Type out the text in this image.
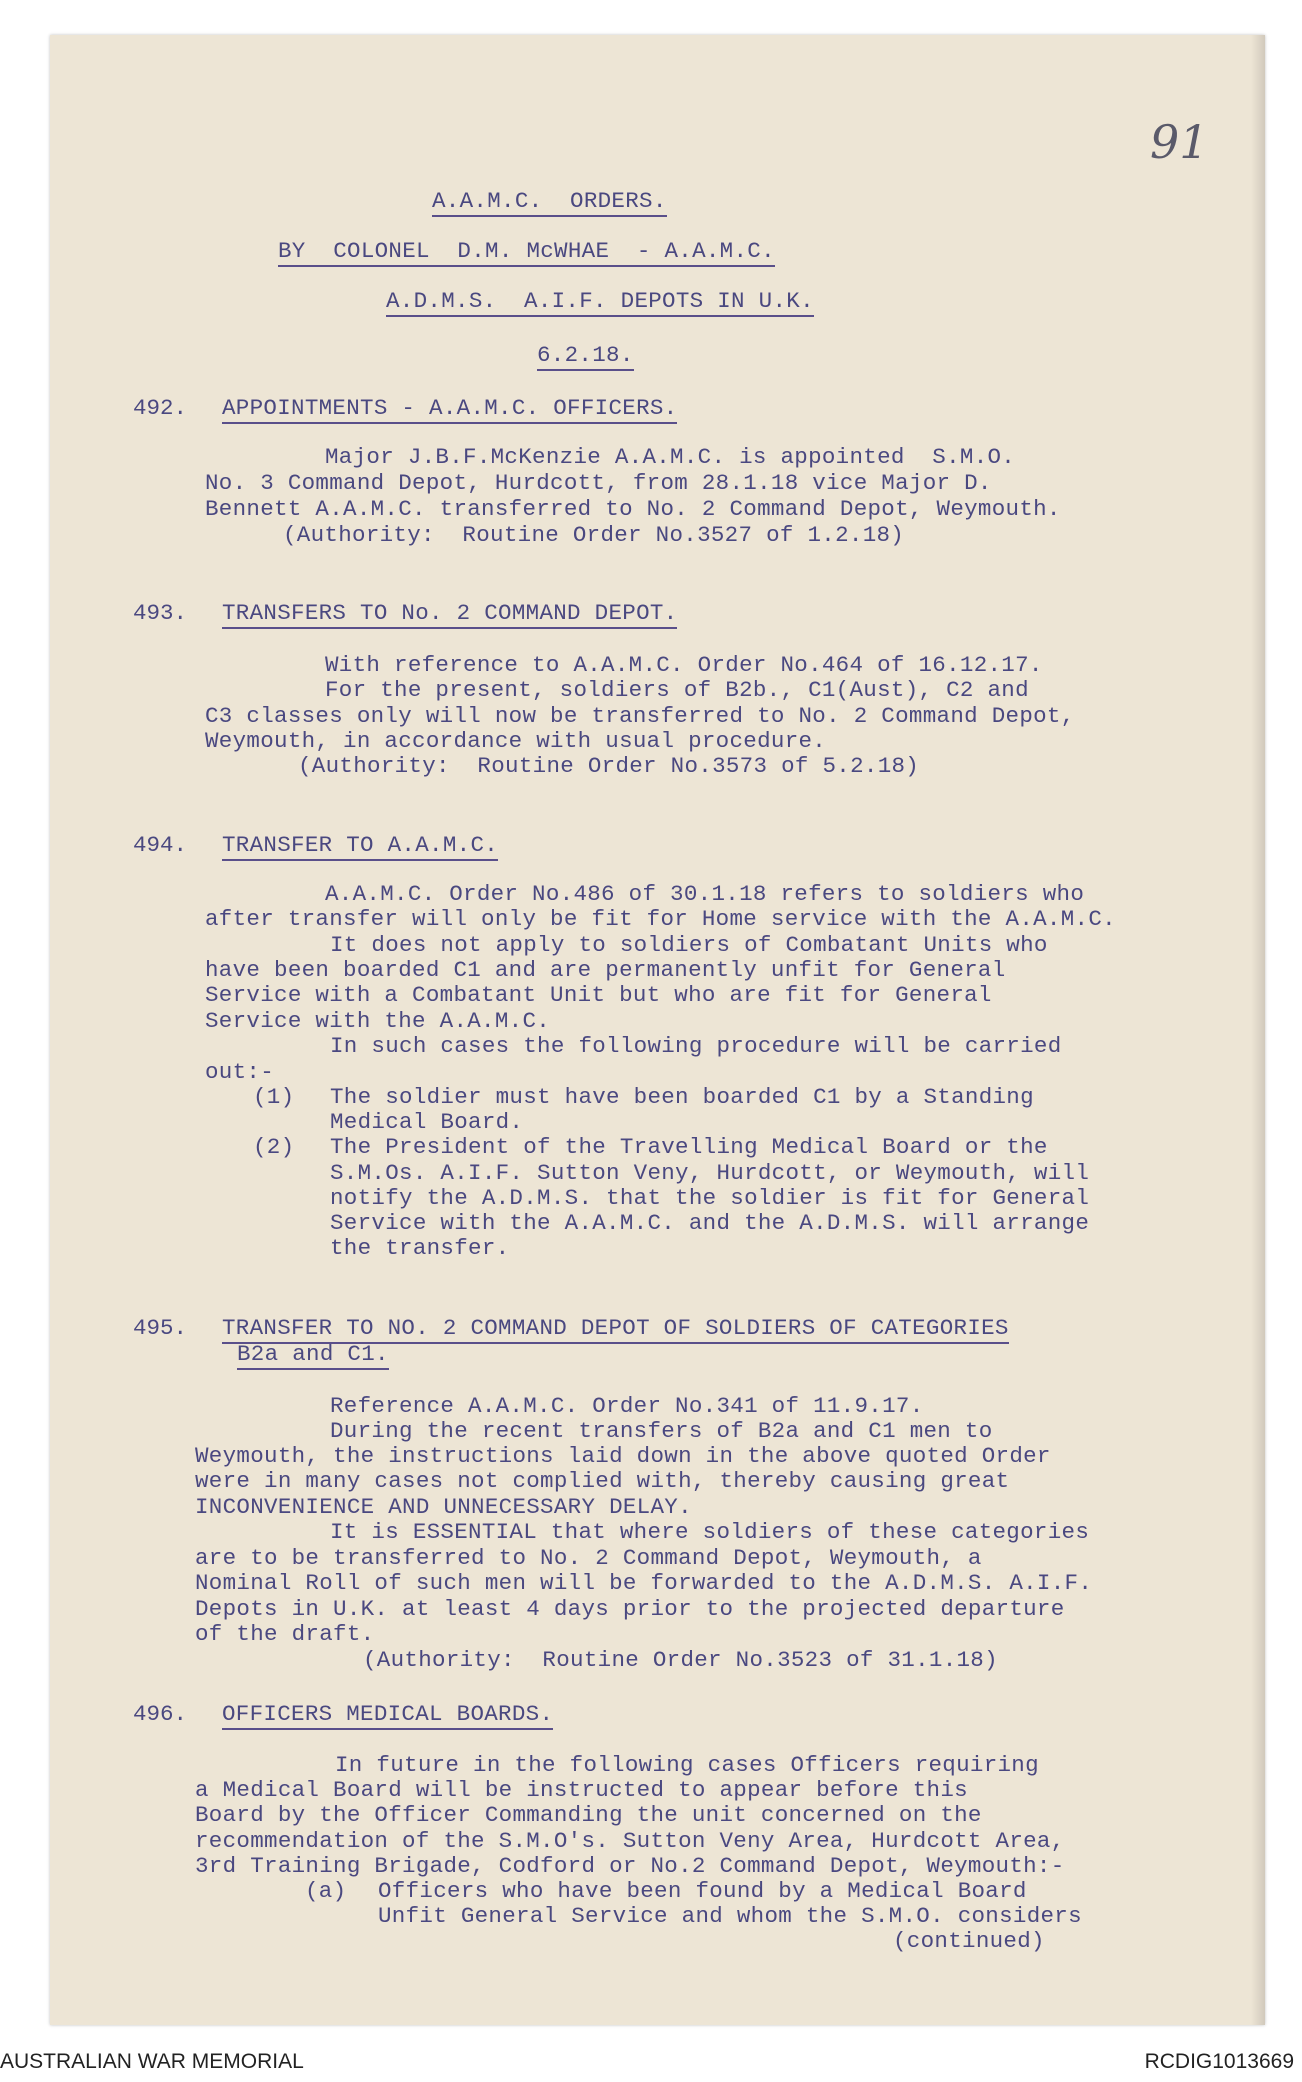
91
A.A.M.C.  ORDERS.
BY  COLONEL  D.M. McWHAE  - A.A.M.C.
A.D.M.S.  A.I.F. DEPOTS IN U.K.
6.2.18.
492. APPOINTMENTS - A.A.M.C. OFFICERS.
Major J.B.F.McKenzie A.A.M.C. is appointed  S.M.O.
No. 3 Command Depot, Hurdcott, from 28.1.18 vice Major D.
Bennett A.A.M.C. transferred to No. 2 Command Depot, Weymouth.
(Authority:  Routine Order No.3527 of 1.2.18)
493. TRANSFERS TO No. 2 COMMAND DEPOT.
With reference to A.A.M.C. Order No.464 of 16.12.17.
For the present, soldiers of B2b., C1(Aust), C2 and
C3 classes only will now be transferred to No. 2 Command Depot,
Weymouth, in accordance with usual procedure.
(Authority:  Routine Order No.3573 of 5.2.18)
494. TRANSFER TO A.A.M.C.
A.A.M.C. Order No.486 of 30.1.18 refers to soldiers who
after transfer will only be fit for Home service with the A.A.M.C.
It does not apply to soldiers of Combatant Units who
have been boarded C1 and are permanently unfit for General
Service with a Combatant Unit but who are fit for General
Service with the A.A.M.C.
In such cases the following procedure will be carried
out:-
(1) The soldier must have been boarded C1 by a Standing
Medical Board.
(2) The President of the Travelling Medical Board or the
S.M.Os. A.I.F. Sutton Veny, Hurdcott, or Weymouth, will
notify the A.D.M.S. that the soldier is fit for General
Service with the A.A.M.C. and the A.D.M.S. will arrange
the transfer.
495. TRANSFER TO NO. 2 COMMAND DEPOT OF SOLDIERS OF CATEGORIES
B2a and C1.
Reference A.A.M.C. Order No.341 of 11.9.17.
During the recent transfers of B2a and C1 men to
Weymouth, the instructions laid down in the above quoted Order
were in many cases not complied with, thereby causing great
INCONVENIENCE AND UNNECESSARY DELAY.
It is ESSENTIAL that where soldiers of these categories
are to be transferred to No. 2 Command Depot, Weymouth, a
Nominal Roll of such men will be forwarded to the A.D.M.S. A.I.F.
Depots in U.K. at least 4 days prior to the projected departure
of the draft.
(Authority:  Routine Order No.3523 of 31.1.18)
496. OFFICERS MEDICAL BOARDS.
In future in the following cases Officers requiring
a Medical Board will be instructed to appear before this
Board by the Officer Commanding the unit concerned on the
recommendation of the S.M.O's. Sutton Veny Area, Hurdcott Area,
3rd Training Brigade, Codford or No.2 Command Depot, Weymouth:-
(a) Officers who have been found by a Medical Board
Unfit General Service and whom the S.M.O. considers
(continued)
AUSTRALIAN WAR MEMORIAL	RCDIG1013669
